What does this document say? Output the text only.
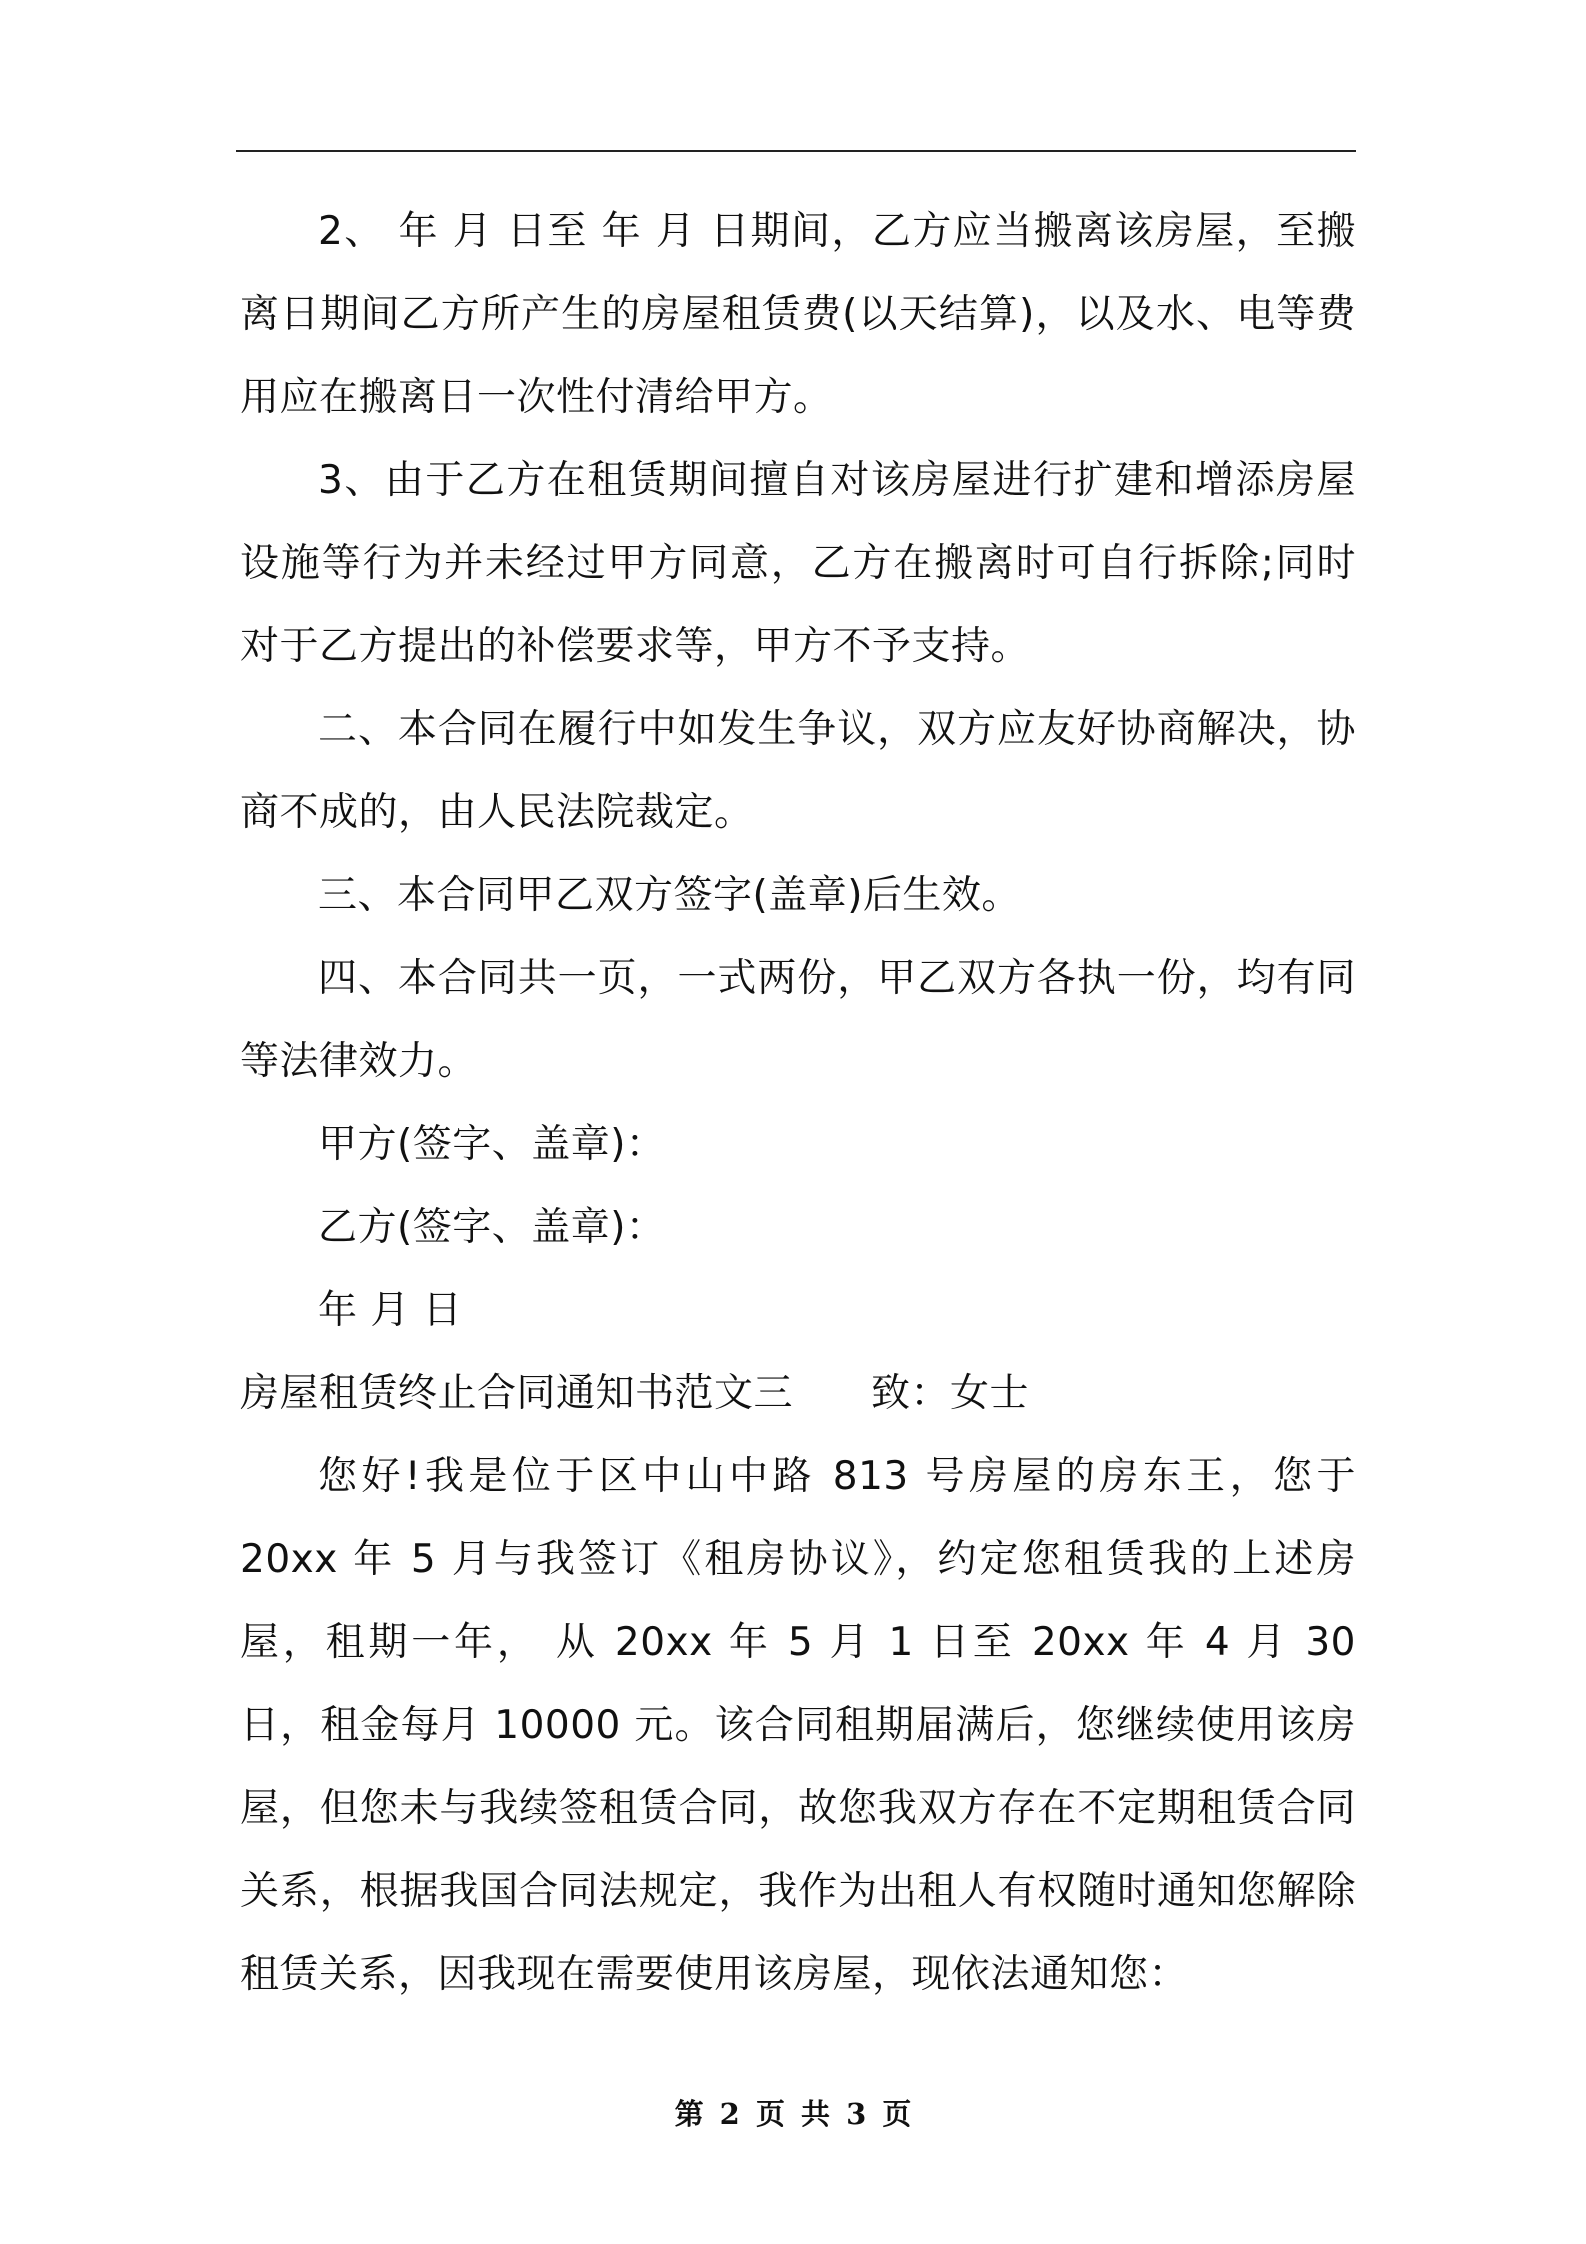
2、 年 月 日至 年 月 日期间，乙方应当搬离该房屋，至搬离日期间乙方所产生的房屋租赁费(以天结算)，以及水、电等费用应在搬离日一次性付清给甲方。

3、由于乙方在租赁期间擅自对该房屋进行扩建和增添房屋设施等行为并未经过甲方同意，乙方在搬离时可自行拆除;同时对于乙方提出的补偿要求等，甲方不予支持。

二、本合同在履行中如发生争议，双方应友好协商解决，协商不成的，由人民法院裁定。

三、本合同甲乙双方签字(盖章)后生效。

四、本合同共一页，一式两份，甲乙双方各执一份，均有同等法律效力。

甲方(签字、盖章)：

乙方(签字、盖章)：

年 月 日

房屋租赁终止合同通知书范文三 致：女士

您好!我是位于区中山中路 813 号房屋的房东王，您于 20xx 年 5 月与我签订《租房协议》，约定您租赁我的上述房屋，租期一年， 从 20xx 年 5 月 1 日至 20xx 年 4 月 30 日，租金每月 10000 元。该合同租期届满后，您继续使用该房屋，但您未与我续签租赁合同，故您我双方存在不定期租赁合同关系，根据我国合同法规定，我作为出租人有权随时通知您解除租赁关系，因我现在需要使用该房屋，现依法通知您：

第 2 页 共 3 页
